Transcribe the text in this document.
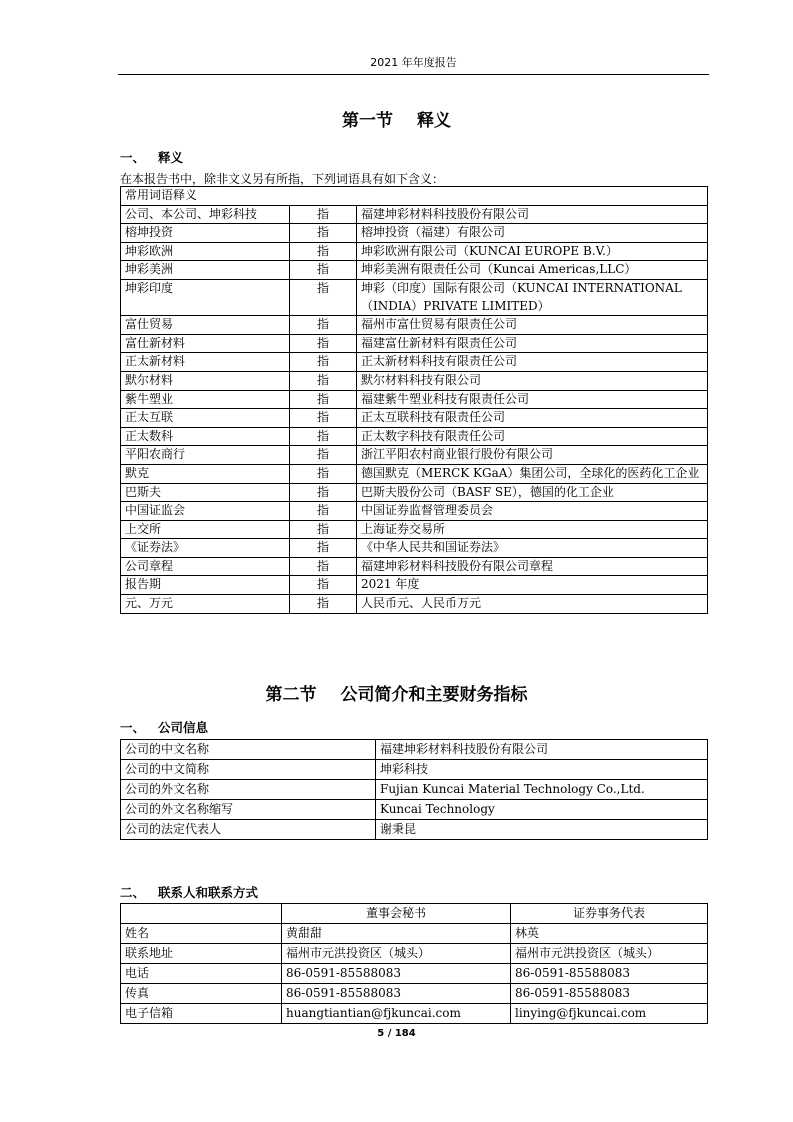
2021 年年度报告
第一节 释义
一、 释义
在本报告书中，除非文义另有所指，下列词语具有如下含义：
常用词语释义		
公司、本公司、坤彩科技	指	福建坤彩材料科技股份有限公司
榕坤投资	指	榕坤投资（福建）有限公司
坤彩欧洲	指	坤彩欧洲有限公司（KUNCAI EUROPE B.V.）
坤彩美洲	指	坤彩美洲有限责任公司（Kuncai Americas,LLC）
坤彩印度	指	坤彩（印度）国际有限公司（KUNCAI INTERNATIONAL（INDIA）PRIVATE LIMITED）
富仕贸易	指	福州市富仕贸易有限责任公司
富仕新材料	指	福建富仕新材料有限责任公司
正太新材料	指	正太新材料科技有限责任公司
默尔材料	指	默尔材料科技有限公司
紫牛塑业	指	福建紫牛塑业科技有限责任公司
正太互联	指	正太互联科技有限责任公司
正太数科	指	正太数字科技有限责任公司
平阳农商行	指	浙江平阳农村商业银行股份有限公司
默克	指	德国默克（MERCK KGaA）集团公司，全球化的医药化工企业
巴斯夫	指	巴斯夫股份公司（BASF SE），德国的化工企业
中国证监会	指	中国证券监督管理委员会
上交所	指	上海证券交易所
《证券法》	指	《中华人民共和国证券法》
公司章程	指	福建坤彩材料科技股份有限公司章程
报告期	指	2021 年度
元、万元	指	人民币元、人民币万元
第二节 公司简介和主要财务指标
一、 公司信息
公司的中文名称	福建坤彩材料科技股份有限公司
公司的中文简称	坤彩科技
公司的外文名称	Fujian Kuncai Material Technology Co.,Ltd.
公司的外文名称缩写	Kuncai Technology
公司的法定代表人	谢秉昆
二、 联系人和联系方式
	董事会秘书	证券事务代表
姓名	黄甜甜	林英
联系地址	福州市元洪投资区（城头）	福州市元洪投资区（城头）
电话	86-0591-85588083	86-0591-85588083
传真	86-0591-85588083	86-0591-85588083
电子信箱	huangtiantian@fjkuncai.com	linying@fjkuncai.com
5 / 184
